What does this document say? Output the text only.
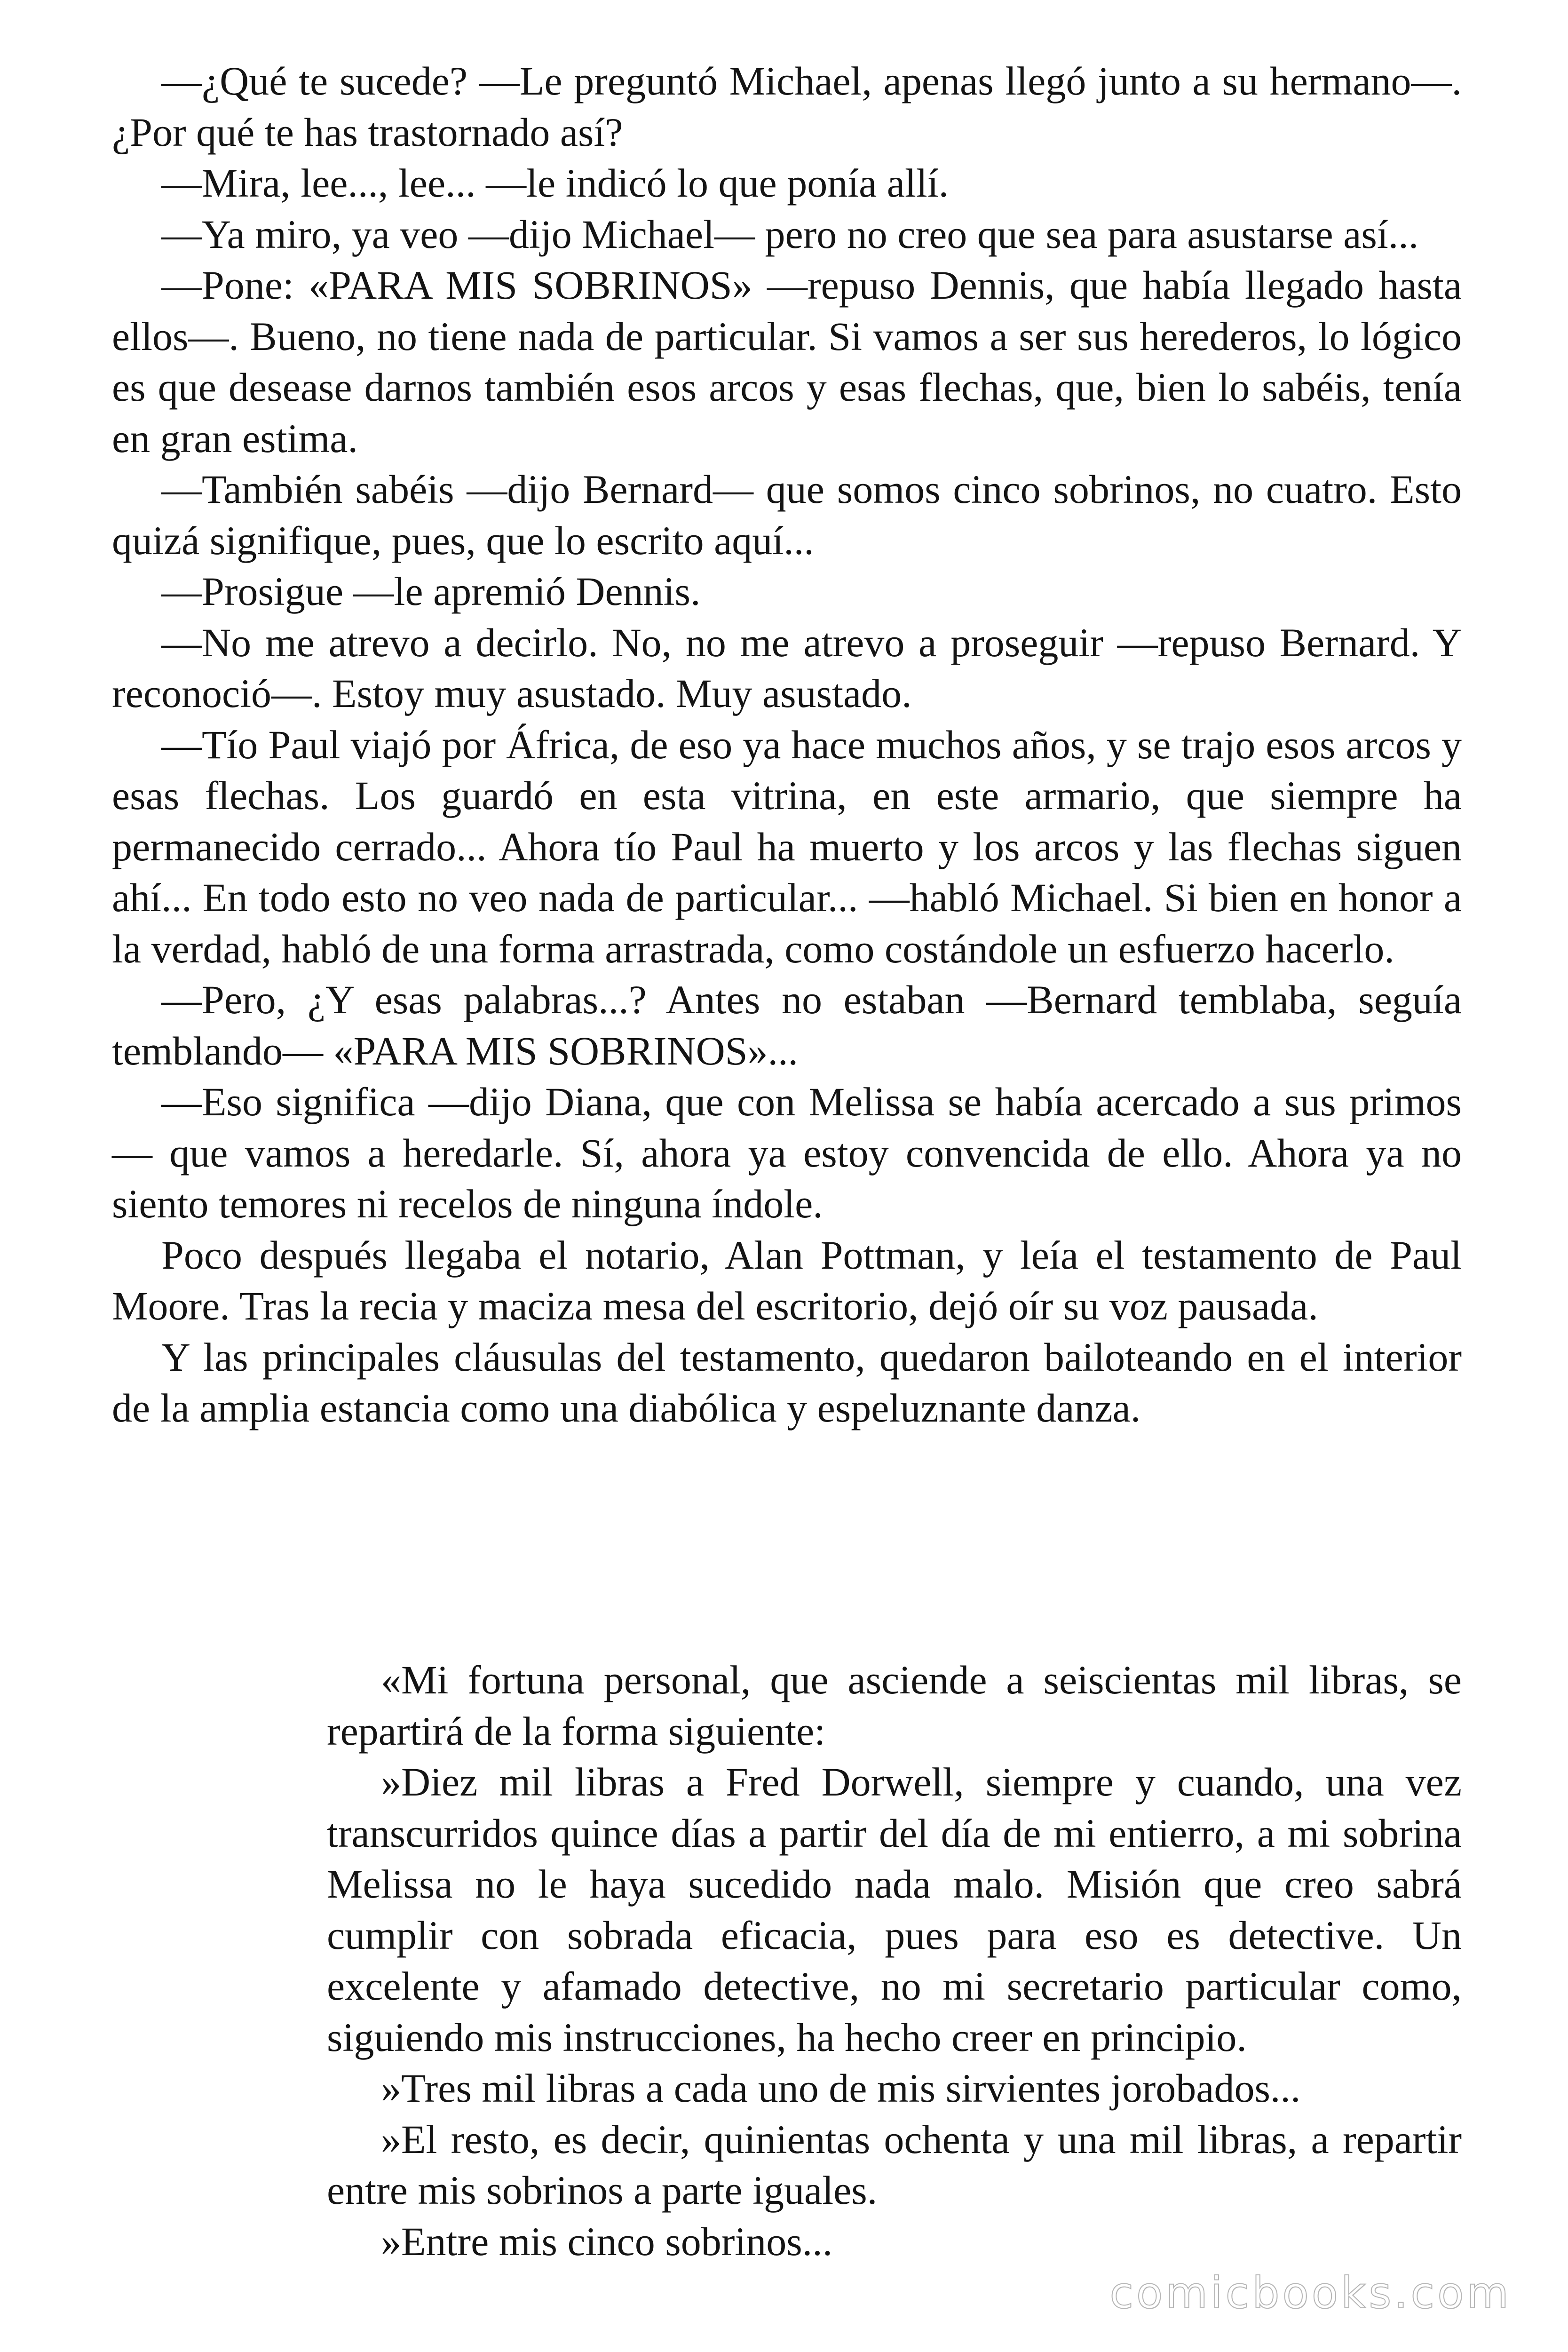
—¿Qué te sucede? —Le preguntó Michael, apenas llegó junto a su hermano—. ¿Por qué te has trastornado así?

—Mira, lee..., lee... —le indicó lo que ponía allí.

—Ya miro, ya veo —dijo Michael— pero no creo que sea para asustarse así...

—Pone: «PARA MIS SOBRINOS» —repuso Dennis, que había llegado hasta ellos—. Bueno, no tiene nada de particular. Si vamos a ser sus herederos, lo lógico es que desease darnos también esos arcos y esas flechas, que, bien lo sabéis, tenía en gran estima.

—También sabéis —dijo Bernard— que somos cinco sobrinos, no cuatro. Esto quizá signifique, pues, que lo escrito aquí...

—Prosigue —le apremió Dennis.

—No me atrevo a decirlo. No, no me atrevo a proseguir —repuso Bernard. Y reconoció—. Estoy muy asustado. Muy asustado.

—Tío Paul viajó por África, de eso ya hace muchos años, y se trajo esos arcos y esas flechas. Los guardó en esta vitrina, en este armario, que siempre ha permanecido cerrado... Ahora tío Paul ha muerto y los arcos y las flechas siguen ahí... En todo esto no veo nada de particular... —habló Michael. Si bien en honor a la verdad, habló de una forma arrastrada, como costándole un esfuerzo hacerlo.

—Pero, ¿Y esas palabras...? Antes no estaban —Bernard temblaba, seguía temblando— «PARA MIS SOBRINOS»...

—Eso significa —dijo Diana, que con Melissa se había acercado a sus primos— que vamos a heredarle. Sí, ahora ya estoy convencida de ello. Ahora ya no siento temores ni recelos de ninguna índole.

Poco después llegaba el notario, Alan Pottman, y leía el testamento de Paul Moore. Tras la recia y maciza mesa del escritorio, dejó oír su voz pausada.

Y las principales cláusulas del testamento, quedaron bailoteando en el interior de la amplia estancia como una diabólica y espeluznante danza.

«Mi fortuna personal, que asciende a seiscientas mil libras, se repartirá de la forma siguiente:

»Diez mil libras a Fred Dorwell, siempre y cuando, una vez transcurridos quince días a partir del día de mi entierro, a mi sobrina Melissa no le haya sucedido nada malo. Misión que creo sabrá cumplir con sobrada eficacia, pues para eso es detective. Un excelente y afamado detective, no mi secretario particular como, siguiendo mis instrucciones, ha hecho creer en principio.

»Tres mil libras a cada uno de mis sirvientes jorobados...

»El resto, es decir, quinientas ochenta y una mil libras, a repartir entre mis sobrinos a parte iguales.

»Entre mis cinco sobrinos...

comicbooks.com
